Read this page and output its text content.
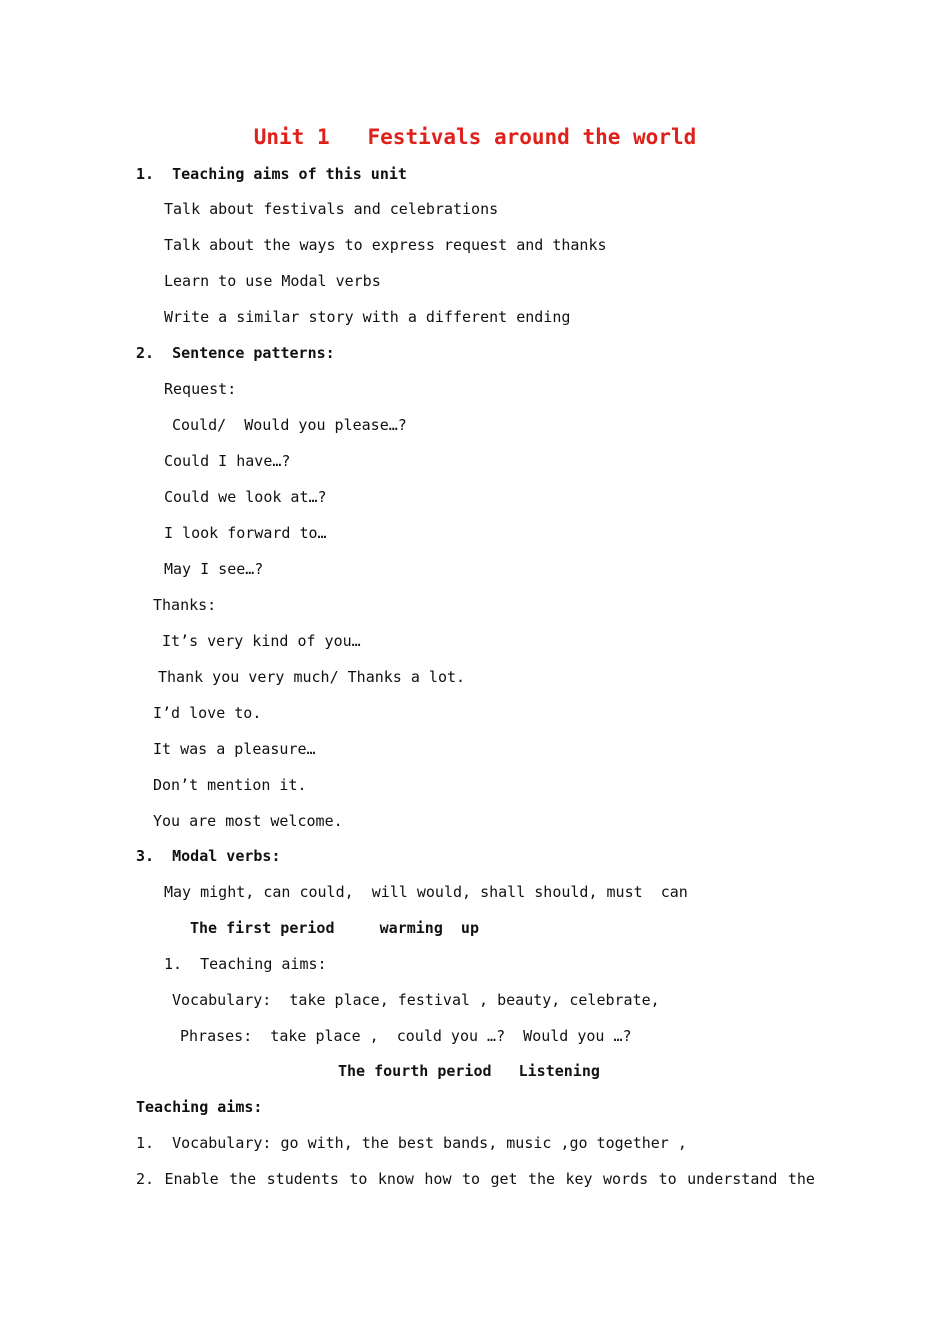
Unit 1   Festivals around the world
1.  Teaching aims of this unit
Talk about festivals and celebrations
Talk about the ways to express request and thanks
Learn to use Modal verbs
Write a similar story with a different ending
2.  Sentence patterns:
Request:
Could/  Would you please…?
Could I have…?
Could we look at…?
I look forward to…
May I see…?
Thanks:
It’s very kind of you…
Thank you very much/ Thanks a lot.
I’d love to.
It was a pleasure…
Don’t mention it.
You are most welcome.
3.  Modal verbs:
May might, can could,  will would, shall should, must  can
The first period     warming  up
1.  Teaching aims:
Vocabulary:  take place, festival , beauty, celebrate,
Phrases:  take place ,  could you …?  Would you …?
The fourth period   Listening
Teaching aims:
1.  Vocabulary: go with, the best bands, music ,go together ,
2. Enable the students to know how to get the key words to understand the
